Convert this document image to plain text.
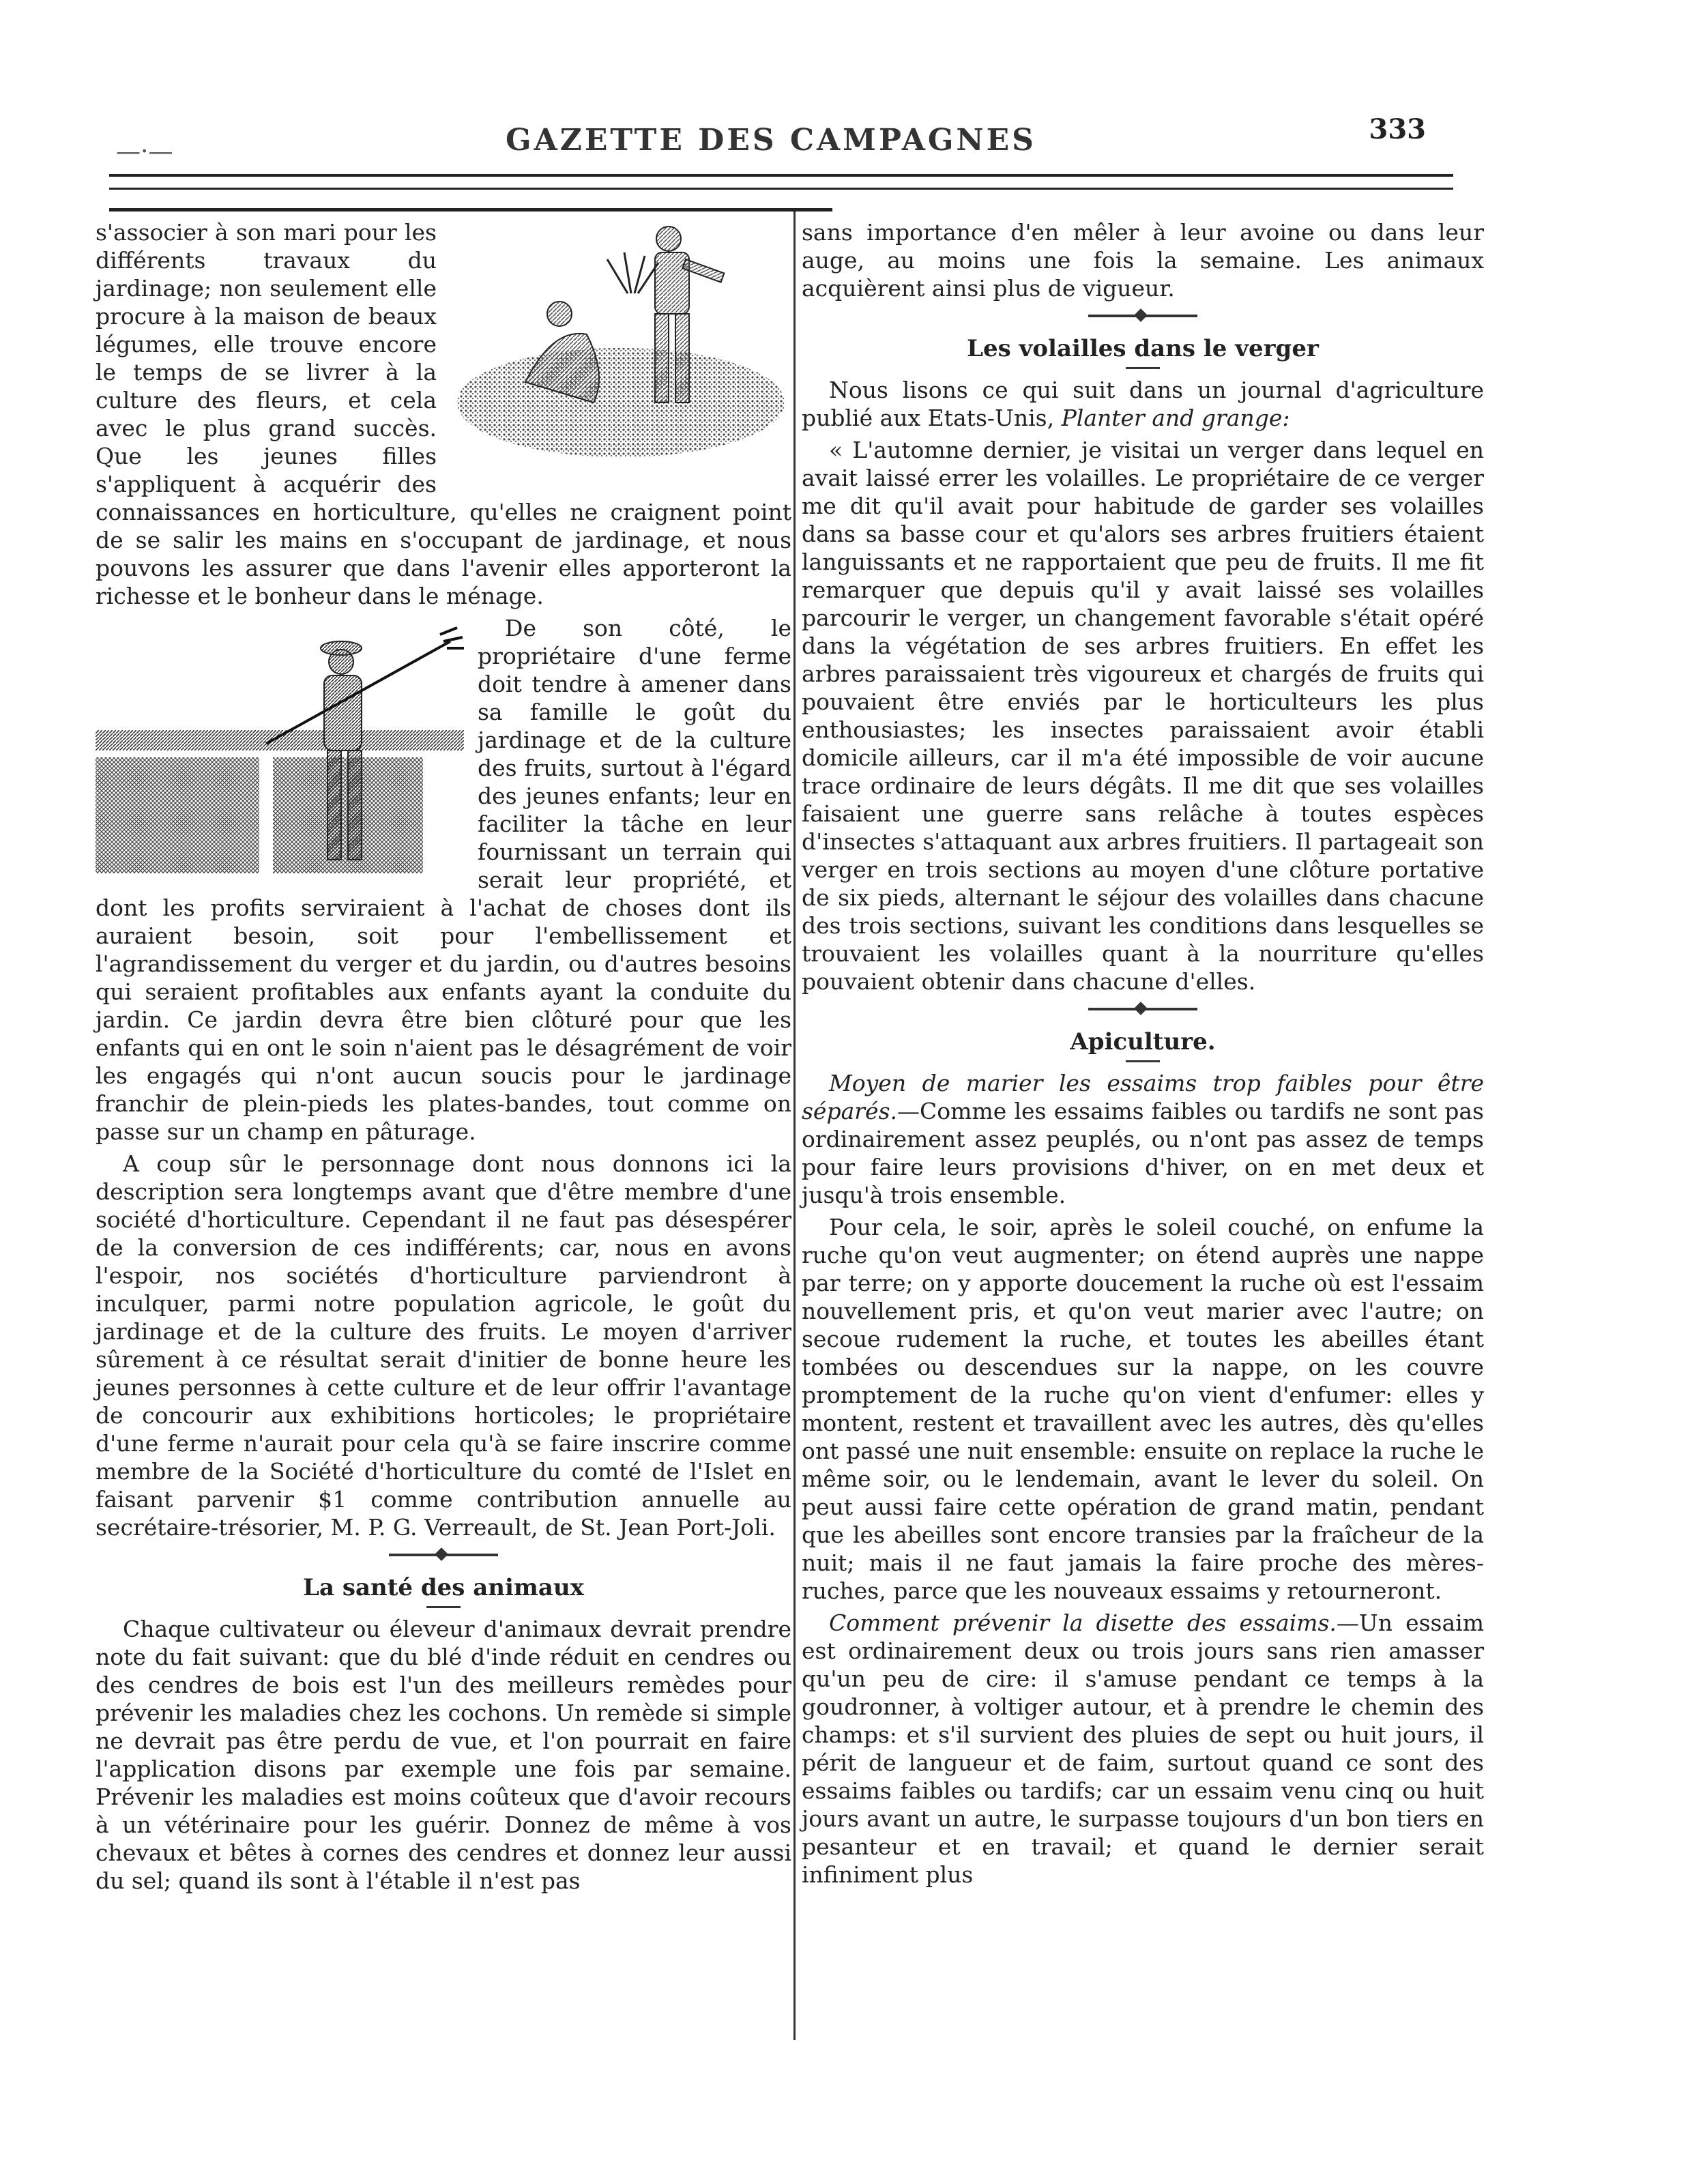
—·—	GAZETTE DES CAMPAGNES	333

s'associer à son mari pour les différents travaux du jardinage; non seulement elle procure à la maison de beaux légumes, elle trouve encore le temps de se livrer à la culture des fleurs, et cela avec le plus grand succès. Que les jeunes filles s'appliquent à acquérir des connaissances en horticulture, qu'elles ne craignent point de se salir les mains en s'occupant de jardinage, et nous pouvons les assurer que dans l'avenir elles apporteront la richesse et le bonheur dans le ménage.

De son côté, le propriétaire d'une ferme doit tendre à amener dans sa famille le goût du jardinage et de la culture des fruits, surtout à l'égard des jeunes enfants; leur en faciliter la tâche en leur fournissant un terrain qui serait leur propriété, et dont les profits serviraient à l'achat de choses dont ils auraient besoin, soit pour l'embellissement et l'agrandissement du verger et du jardin, ou d'autres besoins qui seraient profitables aux enfants ayant la conduite du jardin. Ce jardin devra être bien clôturé pour que les enfants qui en ont le soin n'aient pas le désagrément de voir les engagés qui n'ont aucun soucis pour le jardinage franchir de plein-pieds les plates-bandes, tout comme on passe sur un champ en pâturage.

A coup sûr le personnage dont nous donnons ici la description sera longtemps avant que d'être membre d'une société d'horticulture. Cependant il ne faut pas désespérer de la conversion de ces indifférents; car, nous en avons l'espoir, nos sociétés d'horticulture parviendront à inculquer, parmi notre population agricole, le goût du jardinage et de la culture des fruits. Le moyen d'arriver sûrement à ce résultat serait d'initier de bonne heure les jeunes personnes à cette culture et de leur offrir l'avantage de concourir aux exhibitions horticoles; le propriétaire d'une ferme n'aurait pour cela qu'à se faire inscrire comme membre de la Société d'horticulture du comté de l'Islet en faisant parvenir $1 comme contribution annuelle au secrétaire-trésorier, M. P. G. Verreault, de St. Jean Port-Joli.

La santé des animaux

Chaque cultivateur ou éleveur d'animaux devrait prendre note du fait suivant: que du blé d'inde réduit en cendres ou des cendres de bois est l'un des meilleurs remèdes pour prévenir les maladies chez les cochons. Un remède si simple ne devrait pas être perdu de vue, et l'on pourrait en faire l'application disons par exemple une fois par semaine. Prévenir les maladies est moins coûteux que d'avoir recours à un vétérinaire pour les guérir. Donnez de même à vos chevaux et bêtes à cornes des cendres et donnez leur aussi du sel; quand ils sont à l'étable il n'est pas

sans importance d'en mêler à leur avoine ou dans leur auge, au moins une fois la semaine. Les animaux acquièrent ainsi plus de vigueur.

Les volailles dans le verger

Nous lisons ce qui suit dans un journal d'agriculture publié aux Etats-Unis, Planter and grange:

« L'automne dernier, je visitai un verger dans lequel en avait laissé errer les volailles. Le propriétaire de ce verger me dit qu'il avait pour habitude de garder ses volailles dans sa basse cour et qu'alors ses arbres fruitiers étaient languissants et ne rapportaient que peu de fruits. Il me fit remarquer que depuis qu'il y avait laissé ses volailles parcourir le verger, un changement favorable s'était opéré dans la végétation de ses arbres fruitiers. En effet les arbres paraissaient très vigoureux et chargés de fruits qui pouvaient être enviés par le horticulteurs les plus enthousiastes; les insectes paraissaient avoir établi domicile ailleurs, car il m'a été impossible de voir aucune trace ordinaire de leurs dégâts. Il me dit que ses volailles faisaient une guerre sans relâche à toutes espèces d'insectes s'attaquant aux arbres fruitiers. Il partageait son verger en trois sections au moyen d'une clôture portative de six pieds, alternant le séjour des volailles dans chacune des trois sections, suivant les conditions dans lesquelles se trouvaient les volailles quant à la nourriture qu'elles pouvaient obtenir dans chacune d'elles.

Apiculture.

Moyen de marier les essaims trop faibles pour être séparés.—Comme les essaims faibles ou tardifs ne sont pas ordinairement assez peuplés, ou n'ont pas assez de temps pour faire leurs provisions d'hiver, on en met deux et jusqu'à trois ensemble.

Pour cela, le soir, après le soleil couché, on enfume la ruche qu'on veut augmenter; on étend auprès une nappe par terre; on y apporte doucement la ruche où est l'essaim nouvellement pris, et qu'on veut marier avec l'autre; on secoue rudement la ruche, et toutes les abeilles étant tombées ou descendues sur la nappe, on les couvre promptement de la ruche qu'on vient d'enfumer: elles y montent, restent et travaillent avec les autres, dès qu'elles ont passé une nuit ensemble: ensuite on replace la ruche le même soir, ou le lendemain, avant le lever du soleil. On peut aussi faire cette opération de grand matin, pendant que les abeilles sont encore transies par la fraîcheur de la nuit; mais il ne faut jamais la faire proche des mères-ruches, parce que les nouveaux essaims y retourneront.

Comment prévenir la disette des essaims.—Un essaim est ordinairement deux ou trois jours sans rien amasser qu'un peu de cire: il s'amuse pendant ce temps à la goudronner, à voltiger autour, et à prendre le chemin des champs: et s'il survient des pluies de sept ou huit jours, il périt de langueur et de faim, surtout quand ce sont des essaims faibles ou tardifs; car un essaim venu cinq ou huit jours avant un autre, le surpasse toujours d'un bon tiers en pesanteur et en travail; et quand le dernier serait infiniment plus
